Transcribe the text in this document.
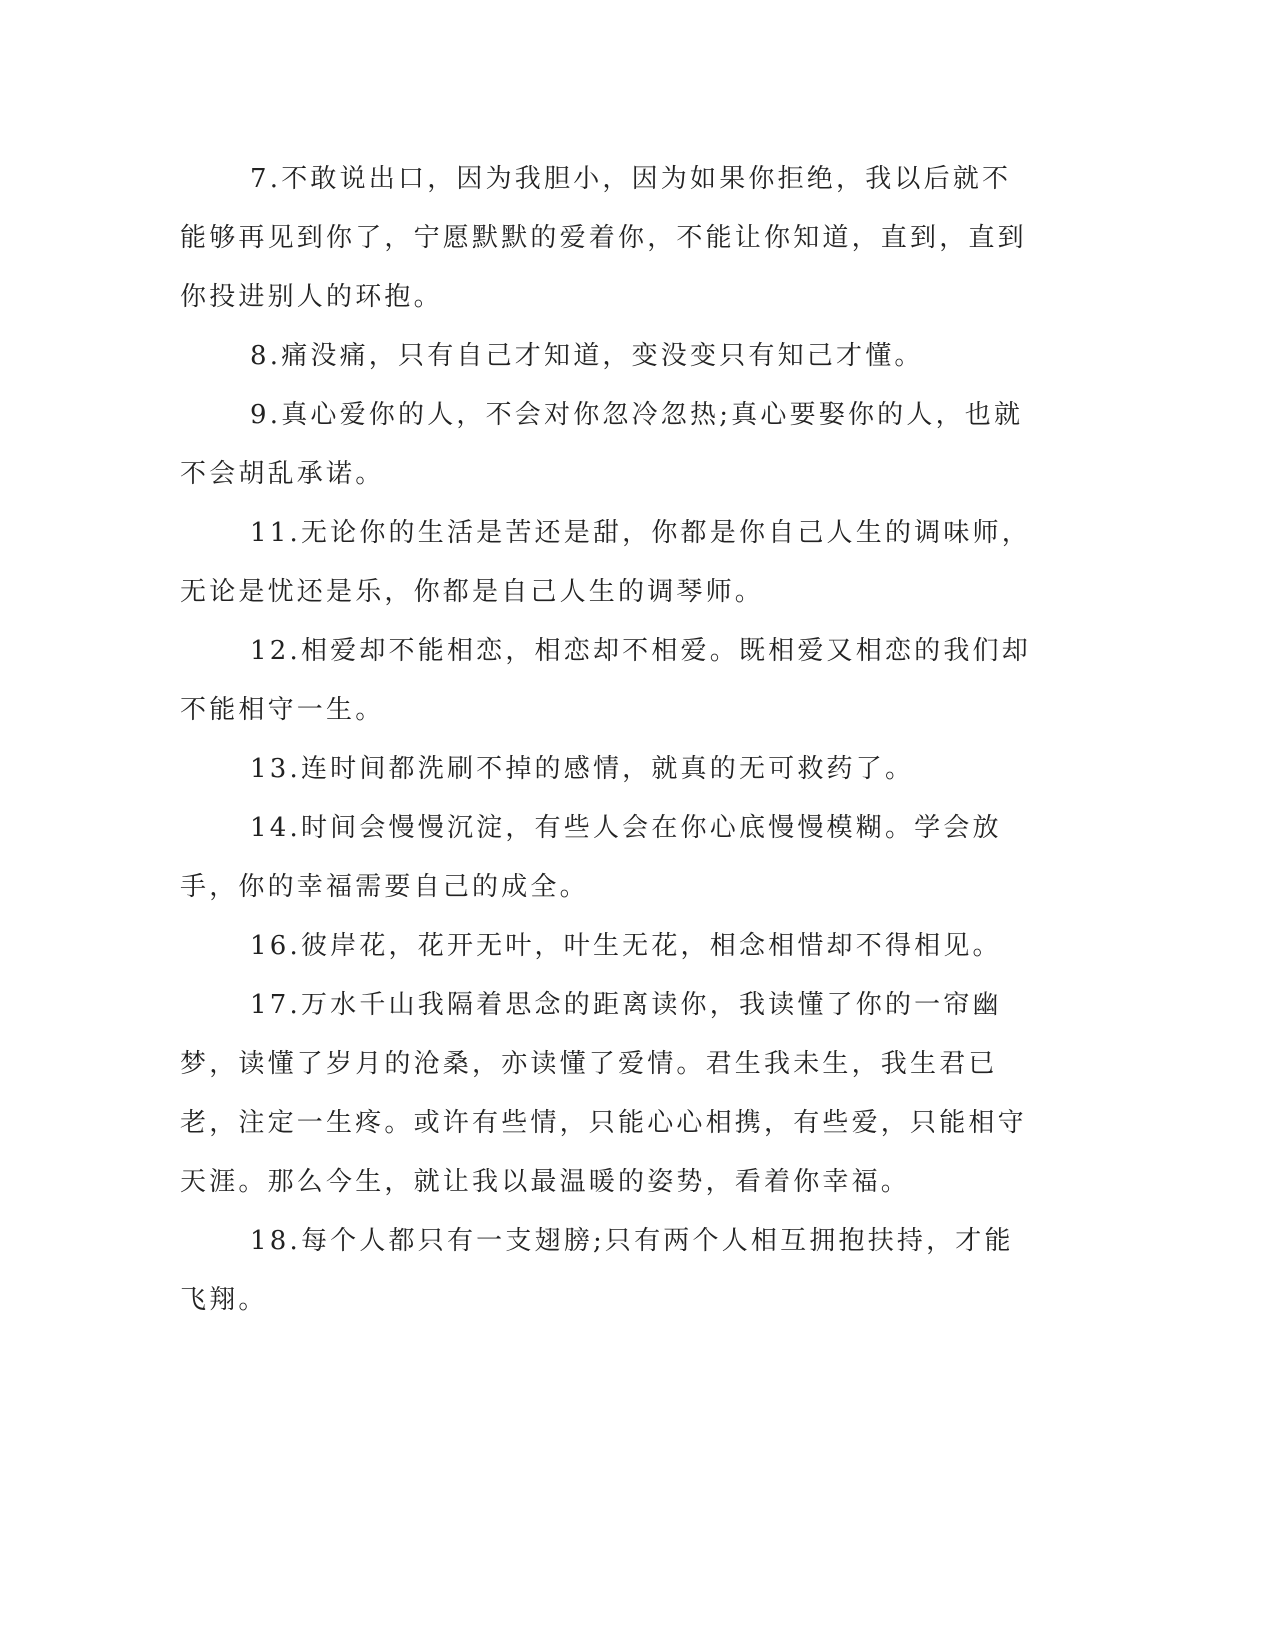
7.不敢说出口，因为我胆小，因为如果你拒绝，我以后就不能够再见到你了，宁愿默默的爱着你，不能让你知道，直到，直到你投进别人的环抱。

8.痛没痛，只有自己才知道，变没变只有知己才懂。

9.真心爱你的人，不会对你忽冷忽热;真心要娶你的人，也就不会胡乱承诺。

11.无论你的生活是苦还是甜，你都是你自己人生的调味师，无论是忧还是乐，你都是自己人生的调琴师。

12.相爱却不能相恋，相恋却不相爱。既相爱又相恋的我们却不能相守一生。

13.连时间都洗刷不掉的感情，就真的无可救药了。

14.时间会慢慢沉淀，有些人会在你心底慢慢模糊。学会放手，你的幸福需要自己的成全。

16.彼岸花，花开无叶，叶生无花，相念相惜却不得相见。

17.万水千山我隔着思念的距离读你，我读懂了你的一帘幽梦，读懂了岁月的沧桑，亦读懂了爱情。君生我未生，我生君已老，注定一生疼。或许有些情，只能心心相携，有些爱，只能相守天涯。那么今生，就让我以最温暖的姿势，看着你幸福。

18.每个人都只有一支翅膀;只有两个人相互拥抱扶持，才能飞翔。
